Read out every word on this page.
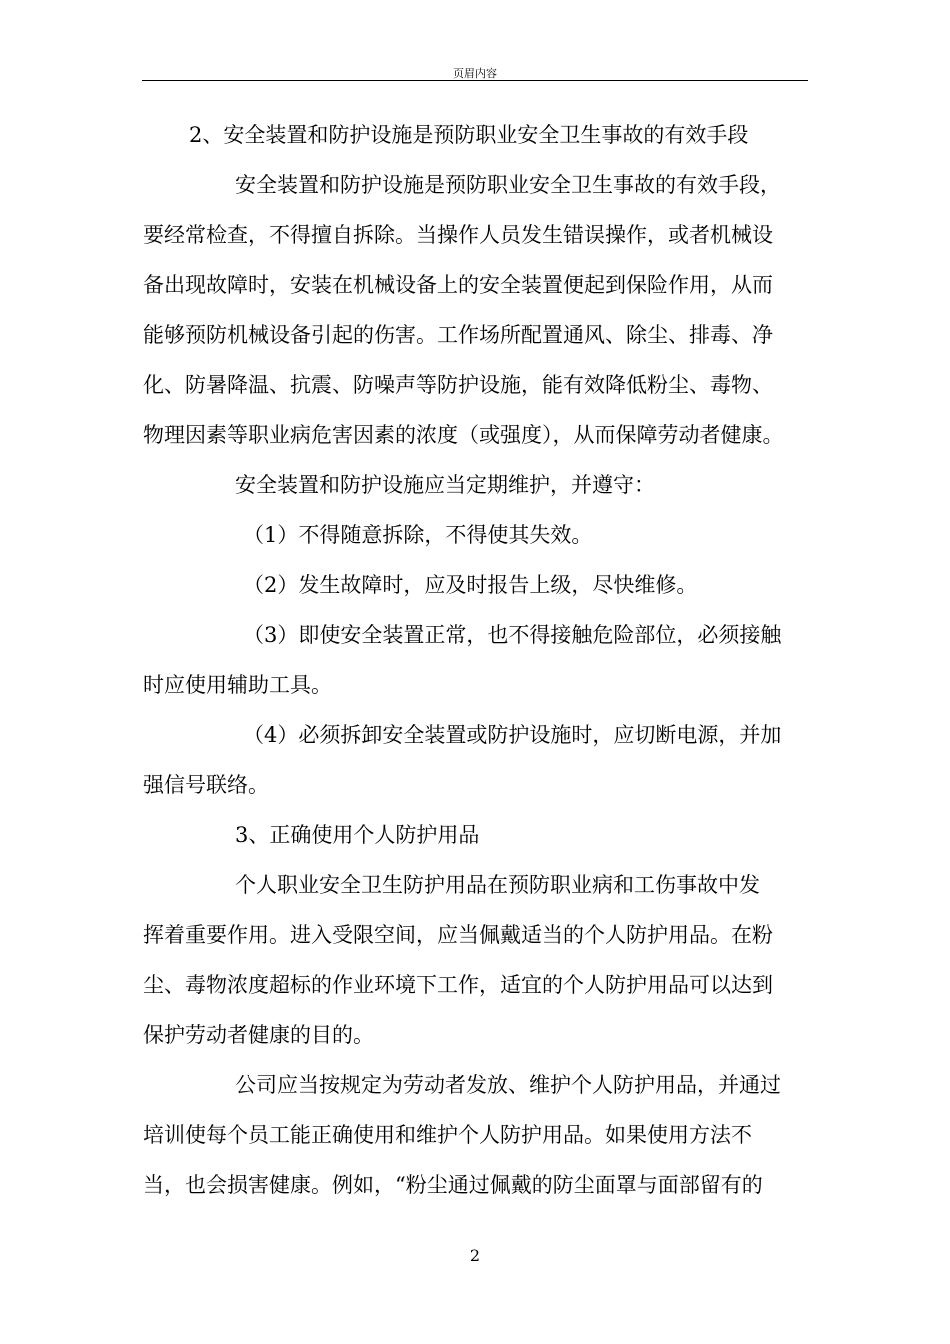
页眉内容

2、安全装置和防护设施是预防职业安全卫生事故的有效手段

安全装置和防护设施是预防职业安全卫生事故的有效手段，
要经常检查，不得擅自拆除。当操作人员发生错误操作，或者机械设
备出现故障时，安装在机械设备上的安全装置便起到保险作用，从而
能够预防机械设备引起的伤害。工作场所配置通风、除尘、排毒、净
化、防暑降温、抗震、防噪声等防护设施，能有效降低粉尘、毒物、
物理因素等职业病危害因素的浓度（或强度），从而保障劳动者健康。

安全装置和防护设施应当定期维护，并遵守：

（1）不得随意拆除，不得使其失效。

（2）发生故障时，应及时报告上级，尽快维修。

（3）即使安全装置正常，也不得接触危险部位，必须接触
时应使用辅助工具。

（4）必须拆卸安全装置或防护设施时，应切断电源，并加
强信号联络。

3、正确使用个人防护用品

个人职业安全卫生防护用品在预防职业病和工伤事故中发
挥着重要作用。进入受限空间，应当佩戴适当的个人防护用品。在粉
尘、毒物浓度超标的作业环境下工作，适宜的个人防护用品可以达到
保护劳动者健康的目的。

公司应当按规定为劳动者发放、维护个人防护用品，并通过
培训使每个员工能正确使用和维护个人防护用品。如果使用方法不
当，也会损害健康。例如，“粉尘通过佩戴的防尘面罩与面部留有的

2
